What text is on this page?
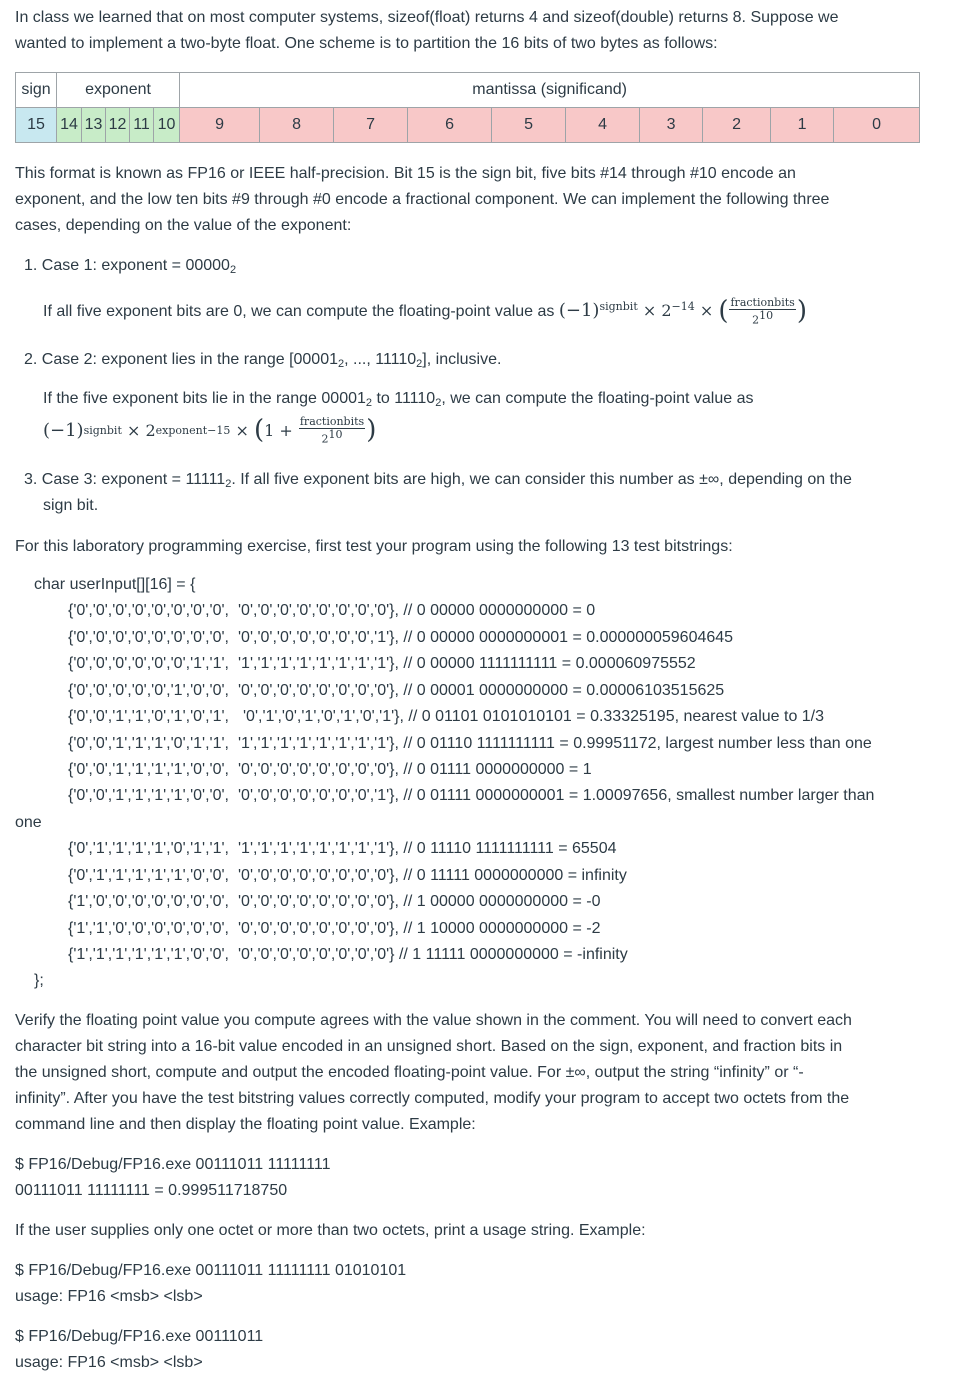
In class we learned that on most computer systems, sizeof(float) returns 4 and sizeof(double) returns 8. Suppose we
wanted to implement a two-byte float. One scheme is to partition the 16 bits of two bytes as follows:
sign	exponent					mantissa (significand)									
15	14	13	12	11	10	9	8	7	6	5	4	3	2	1	0
This format is known as FP16 or IEEE half-precision. Bit 15 is the sign bit, five bits #14 through #10 encode an
exponent, and the low ten bits #9 through #0 encode a fractional component. We can implement the following three
cases, depending on the value of the exponent:
1. Case 1: exponent = $00000_2$
If all five exponent bits are 0, we can compute the floating-point value as
$(-1)^{signbit} \times 2^{-14}$ × ( $\frac{\text{fractionbits}}{2^{10}}$ )
2. Case 2: exponent lies in the range [$00001_2$, ..., $11110_2$], inclusive.
If the five exponent bits lie in the range $00001_2$ to $11110_2$, we can compute the floating-point value as
(−1) signbit
× 2 exponent−15
×
( 1 +
$\frac{\text{fractionbits}}{2^{10}}$ )
3. Case 3: exponent = $11111_2$. If all five exponent bits are high, we can consider this number as ±∞, depending on the
sign bit.
For this laboratory programming exercise, first test your program using the following 13 test bitstrings:
char userInput[][16] = {
{'0','0','0','0','0','0','0','0', '0','0','0','0','0','0','0','0'}, // 0 00000 0000000000 = 0
{'0','0','0','0','0','0','0','0', '0','0','0','0','0','0','0','1'}, // 0 00000 0000000001 = 0.000000059604645
{'0','0','0','0','0','0','1','1', '1','1','1','1','1','1','1','1'}, // 0 00000 1111111111 = 0.000060975552
{'0','0','0','0','0','1','0','0', '0','0','0','0','0','0','0','0'}, // 0 00001 0000000000 = 0.00006103515625
{'0','0','1','1','0','1','0','1', '0','1','0','1','0','1','0','1'}, // 0 01101 0101010101 = 0.33325195, nearest value to 1/3
{'0','0','1','1','1','0','1','1', '1','1','1','1','1','1','1','1'}, // 0 01110 1111111111 = 0.99951172, largest number less than one
{'0','0','1','1','1','1','0','0', '0','0','0','0','0','0','0','0'}, // 0 01111 0000000000 = 1
{'0','0','1','1','1','1','0','0', '0','0','0','0','0','0','0','1'}, // 0 01111 0000000001 = 1.00097656, smallest number larger than
one
{'0','1','1','1','1','0','1','1', '1','1','1','1','1','1','1','1'}, // 0 11110 1111111111 = 65504
{'0','1','1','1','1','1','0','0', '0','0','0','0','0','0','0','0'}, // 0 11111 0000000000 = infinity
{'1','0','0','0','0','0','0','0', '0','0','0','0','0','0','0','0'}, // 1 00000 0000000000 = -0
{'1','1','0','0','0','0','0','0', '0','0','0','0','0','0','0','0'}, // 1 10000 0000000000 = -2
{'1','1','1','1','1','1','0','0', '0','0','0','0','0','0','0','0'} // 1 11111 0000000000 = -infinity
};
Verify the floating point value you compute agrees with the value shown in the comment. You will need to convert each
character bit string into a 16-bit value encoded in an unsigned short. Based on the sign, exponent, and fraction bits in
the unsigned short, compute and output the encoded floating-point value. For ±∞, output the string “infinity” or “-
infinity”. After you have the test bitstring values correctly computed, modify your program to accept two octets from the
command line and then display the floating point value. Example:
$ FP16/Debug/FP16.exe 00111011 11111111
00111011 11111111 = 0.999511718750
If the user supplies only one octet or more than two octets, print a usage string. Example:
$ FP16/Debug/FP16.exe 00111011 11111111 01010101
usage: FP16 <msb> <lsb>
$ FP16/Debug/FP16.exe 00111011
usage: FP16 <msb> <lsb>
